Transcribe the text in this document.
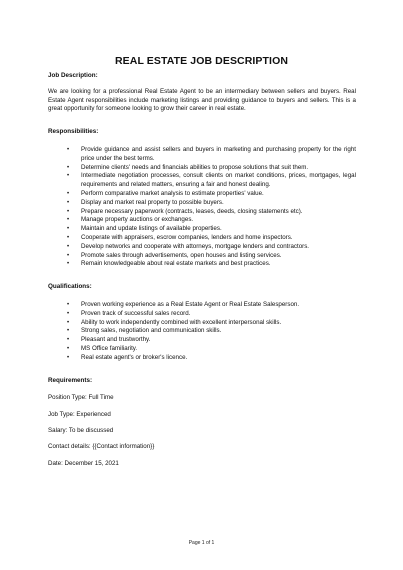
REAL ESTATE JOB DESCRIPTION
Job Description:

We are looking for a professional Real Estate Agent to be an intermediary between sellers and buyers. Real Estate Agent responsibilities include marketing listings and providing guidance to buyers and sellers. This is a great opportunity for someone looking to grow their career in real estate.

Responsibilities:
• Provide guidance and assist sellers and buyers in marketing and purchasing property for the right price under the best terms.
• Determine clients' needs and financials abilities to propose solutions that suit them.
• Intermediate negotiation processes, consult clients on market conditions, prices, mortgages, legal requirements and related matters, ensuring a fair and honest dealing.
• Perform comparative market analysis to estimate properties' value.
• Display and market real property to possible buyers.
• Prepare necessary paperwork (contracts, leases, deeds, closing statements etc).
• Manage property auctions or exchanges.
• Maintain and update listings of available properties.
• Cooperate with appraisers, escrow companies, lenders and home inspectors.
• Develop networks and cooperate with attorneys, mortgage lenders and contractors.
• Promote sales through advertisements, open houses and listing services.
• Remain knowledgeable about real estate markets and best practices.
Qualifications:
• Proven working experience as a Real Estate Agent or Real Estate Salesperson.
• Proven track of successful sales record.
• Ability to work independently combined with excellent interpersonal skills.
• Strong sales, negotiation and communication skills.
• Pleasant and trustworthy.
• MS Office familiarity.
• Real estate agent's or broker's licence.
Requirements:

Position Type: Full Time

Job Type: Experienced

Salary: To be discussed

Contact details: {{Contact information}}

Date: December 15, 2021

Page 1 of 1
